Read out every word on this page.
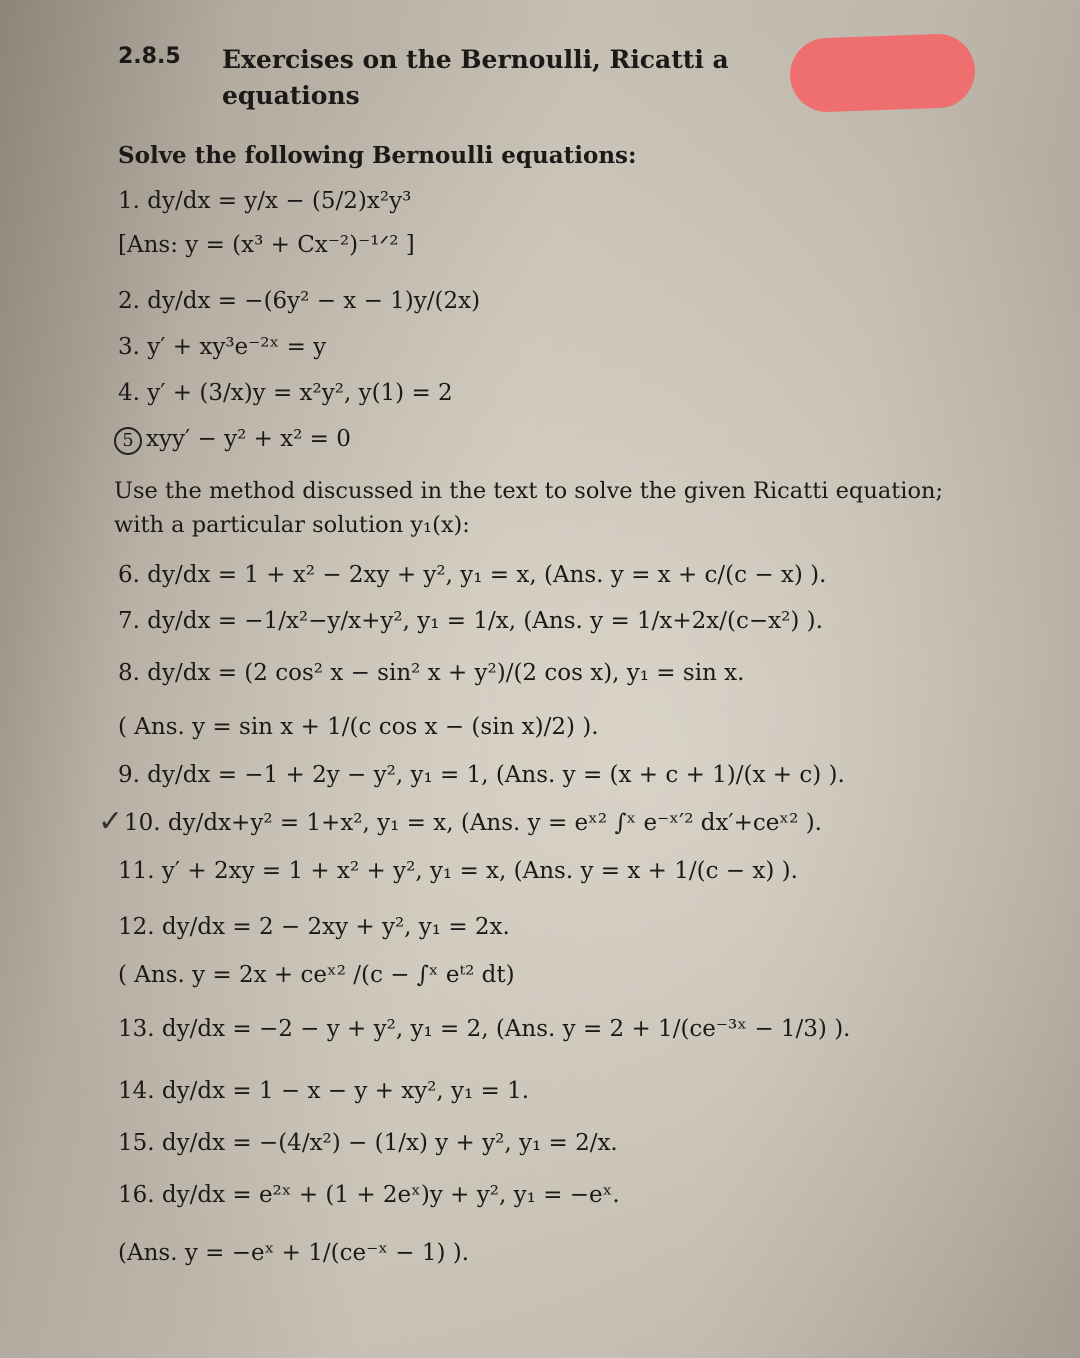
2.8.5 Exercises on the Bernoulli, Ricatti a
equations
Solve the following Bernoulli equations:
1. dy/dx = y/x − (5/2)x²y³
[Ans: y = (x³ + Cx⁻²)⁻¹ᐟ² ]
2. dy/dx = −(6y² − x − 1)y/(2x)
3. y′ + xy³e⁻²ˣ = y
4. y′ + (3/x)y = x²y², y(1) = 2
5 xyy′ − y² + x² = 0
Use the method discussed in the text to solve the given Ricatti equation;
with a particular solution y₁(x):
6. dy/dx = 1 + x² − 2xy + y², y₁ = x, (Ans. y = x + c/(c − x) ).
7. dy/dx = −1/x²−y/x+y², y₁ = 1/x, (Ans. y = 1/x+2x/(c−x²) ).
8. dy/dx = (2 cos² x − sin² x + y²)/(2 cos x), y₁ = sin x.
( Ans. y = sin x + 1/(c cos x − (sin x)/2) ).
9. dy/dx = −1 + 2y − y², y₁ = 1, (Ans. y = (x + c + 1)/(x + c) ).
✓ 10. dy/dx+y² = 1+x², y₁ = x, (Ans. y = eˣ² ∫ˣ e⁻ˣ′² dx′+ceˣ² ).
11. y′ + 2xy = 1 + x² + y², y₁ = x, (Ans. y = x + 1/(c − x) ).
12. dy/dx = 2 − 2xy + y², y₁ = 2x.
( Ans. y = 2x + ceˣ² /(c − ∫ˣ eᵗ² dt)
13. dy/dx = −2 − y + y², y₁ = 2, (Ans. y = 2 + 1/(ce⁻³ˣ − 1/3) ).
14. dy/dx = 1 − x − y + xy², y₁ = 1.
15. dy/dx = −(4/x²) − (1/x) y + y², y₁ = 2/x.
16. dy/dx = e²ˣ + (1 + 2eˣ)y + y², y₁ = −eˣ.
(Ans. y = −eˣ + 1/(ce⁻ˣ − 1) ).
